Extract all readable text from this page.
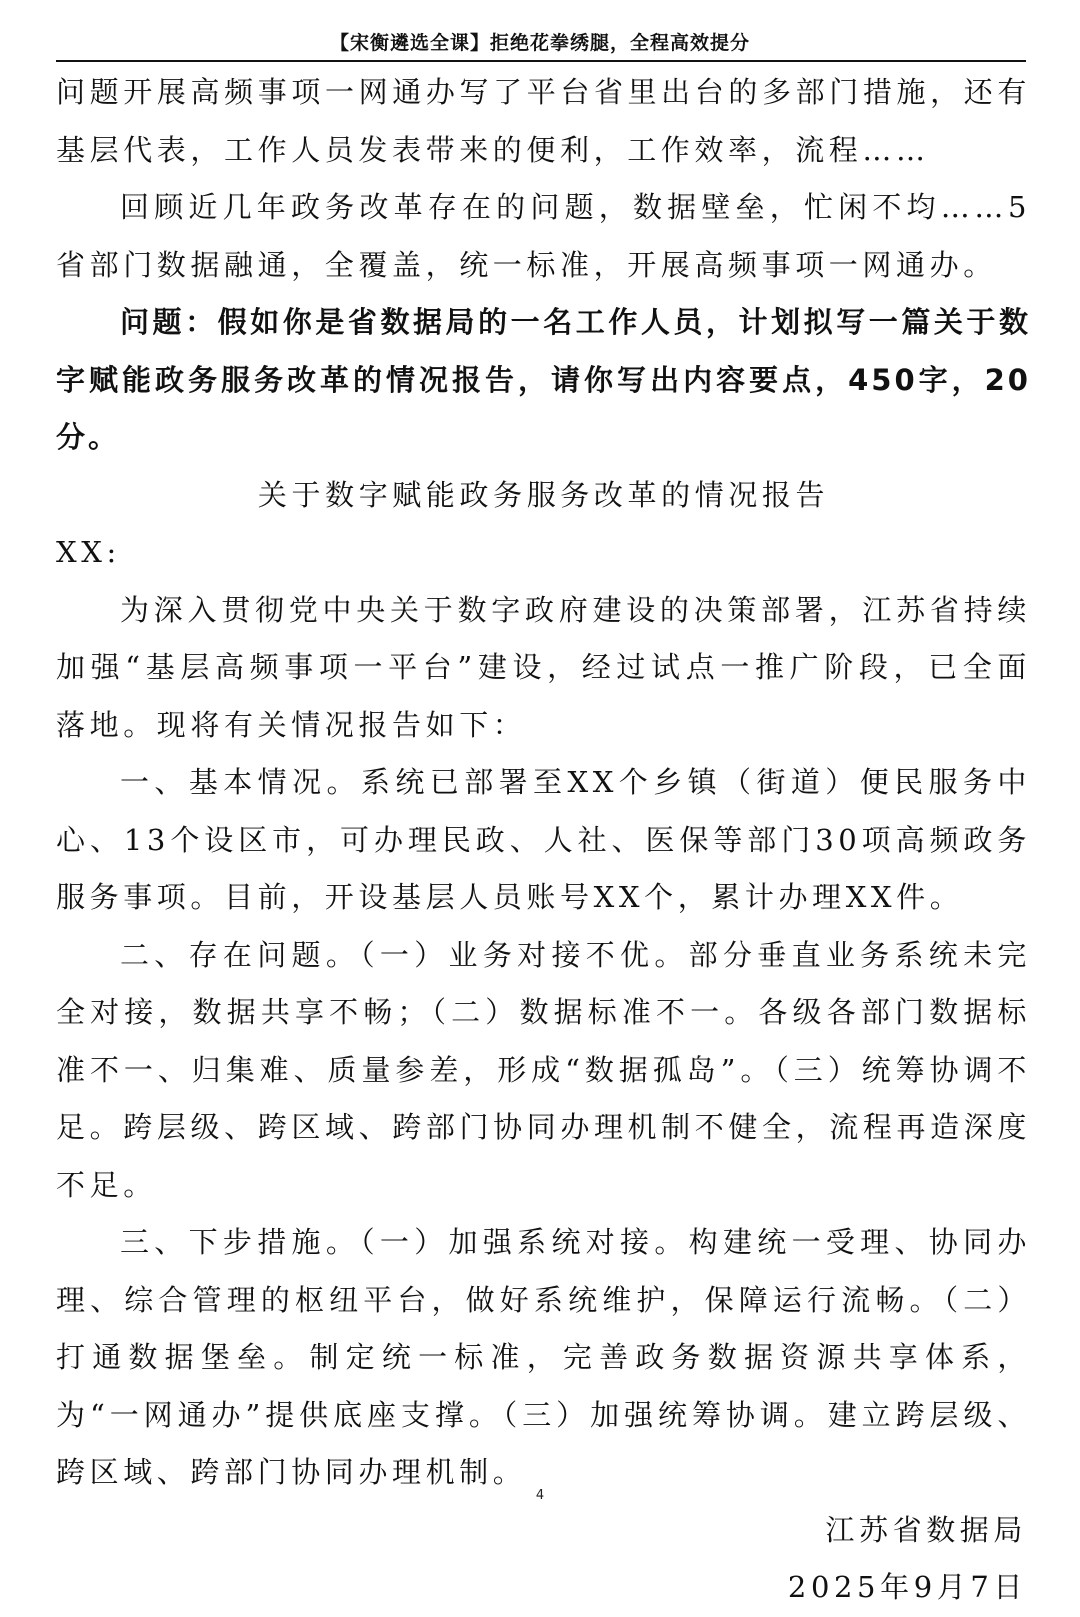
【宋衡遴选全课】拒绝花拳绣腿，全程高效提分

问题开展高频事项一网通办写了平台省里出台的多部门措施，还有基层代表，工作人员发表带来的便利，工作效率，流程……

回顾近几年政务改革存在的问题，数据壁垒，忙闲不均……5省部门数据融通，全覆盖，统一标准，开展高频事项一网通办。

问题：假如你是省数据局的一名工作人员，计划拟写一篇关于数字赋能政务服务改革的情况报告，请你写出内容要点，450字，20分。

关于数字赋能政务服务改革的情况报告

XX:

为深入贯彻党中央关于数字政府建设的决策部署，江苏省持续加强“基层高频事项一平台”建设，经过试点一推广阶段，已全面落地。现将有关情况报告如下：

一、基本情况。系统已部署至XX个乡镇（街道）便民服务中心、13个设区市，可办理民政、人社、医保等部门30项高频政务服务事项。目前，开设基层人员账号XX个，累计办理XX件。

二、存在问题。（一）业务对接不优。部分垂直业务系统未完全对接，数据共享不畅；（二）数据标准不一。各级各部门数据标准不一、归集难、质量参差，形成“数据孤岛”。（三）统筹协调不足。跨层级、跨区域、跨部门协同办理机制不健全，流程再造深度不足。

三、下步措施。（一）加强系统对接。构建统一受理、协同办理、综合管理的枢纽平台，做好系统维护，保障运行流畅。（二）打通数据堡垒。制定统一标准，完善政务数据资源共享体系，为“一网通办”提供底座支撑。（三）加强统筹协调。建立跨层级、跨区域、跨部门协同办理机制。

江苏省数据局

2025年9月7日

4
